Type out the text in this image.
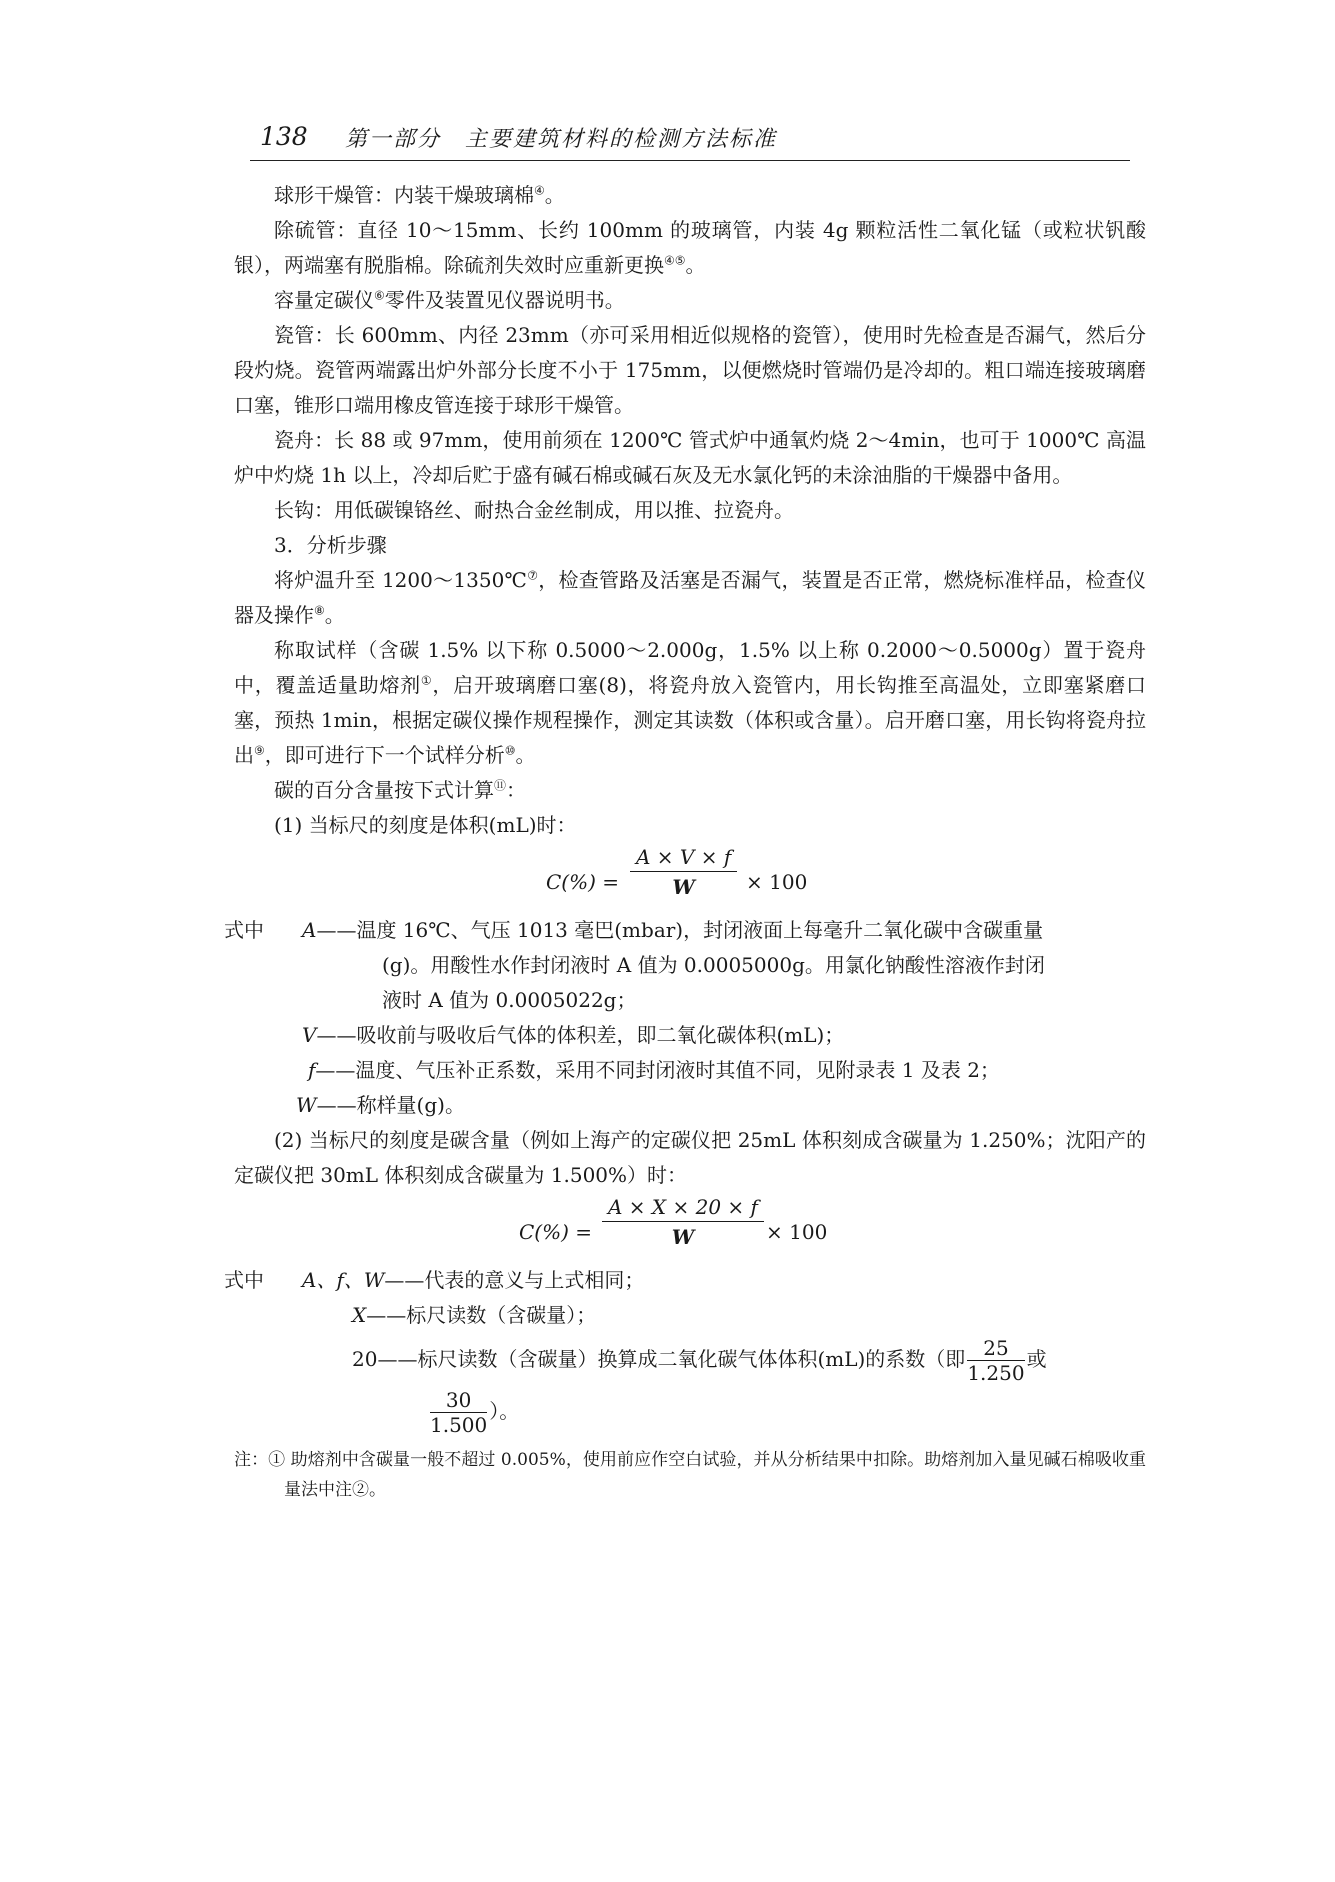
138 第一部分　主要建筑材料的检测方法标准

球形干燥管：内装干燥玻璃棉④。

除硫管：直径 10～15mm、长约 100mm 的玻璃管，内装 4g 颗粒活性二氧化锰（或粒状钒酸银），两端塞有脱脂棉。除硫剂失效时应重新更换④⑤。

容量定碳仪⑥零件及装置见仪器说明书。

瓷管：长 600mm、内径 23mm（亦可采用相近似规格的瓷管），使用时先检查是否漏气，然后分段灼烧。瓷管两端露出炉外部分长度不小于 175mm，以便燃烧时管端仍是冷却的。粗口端连接玻璃磨口塞，锥形口端用橡皮管连接于球形干燥管。

瓷舟：长 88 或 97mm，使用前须在 1200℃ 管式炉中通氧灼烧 2～4min，也可于 1000℃ 高温炉中灼烧 1h 以上，冷却后贮于盛有碱石棉或碱石灰及无水氯化钙的未涂油脂的干燥器中备用。

长钩：用低碳镍铬丝、耐热合金丝制成，用以推、拉瓷舟。

3．分析步骤

将炉温升至 1200～1350℃⑦，检查管路及活塞是否漏气，装置是否正常，燃烧标准样品，检查仪器及操作⑧。

称取试样（含碳 1.5% 以下称 0.5000～2.000g，1.5% 以上称 0.2000～0.5000g）置于瓷舟中，覆盖适量助熔剂①，启开玻璃磨口塞(8)，将瓷舟放入瓷管内，用长钩推至高温处，立即塞紧磨口塞，预热 1min，根据定碳仪操作规程操作，测定其读数（体积或含量）。启开磨口塞，用长钩将瓷舟拉出⑨，即可进行下一个试样分析⑩。

碳的百分含量按下式计算⑪：

(1) 当标尺的刻度是体积(mL)时：

$C(\%) = \frac{A \times V \times f}{W} \times 100$
式中	A——温度 16℃、气压 1013 毫巴(mbar)，封闭液面上每毫升二氧化碳中含碳重量
(g)。用酸性水作封闭液时 A 值为 0.0005000g。用氯化钠酸性溶液作封闭
液时 A 值为 0.0005022g；
V——吸收前与吸收后气体的体积差，即二氧化碳体积(mL)；
f——温度、气压补正系数，采用不同封闭液时其值不同，见附录表 1 及表 2；
W——称样量(g)。

(2) 当标尺的刻度是碳含量（例如上海产的定碳仪把 25mL 体积刻成含碳量为 1.250%；沈阳产的定碳仪把 30mL 体积刻成含碳量为 1.500%）时：

$C(\%) = \frac{A \times X \times 20 \times f}{W} \times 100$
式中	A、f、W——代表的意义与上式相同；
X——标尺读数（含碳量）；
20——标尺读数（含碳量）换算成二氧化碳气体体积(mL)的系数（即 $\frac{25}{1.250}$ 或
$\frac{30}{1.500}$ ）。
注：① 助熔剂中含碳量一般不超过 0.005%，使用前应作空白试验，并从分析结果中扣除。助熔剂加入量见碱石棉吸收重量法中注②。
